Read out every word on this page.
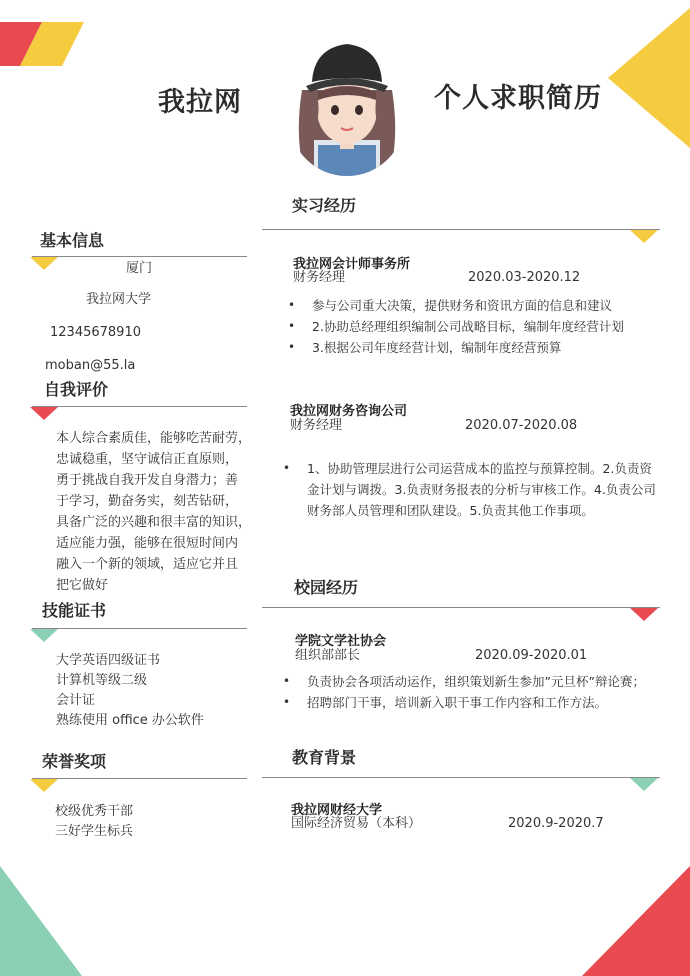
我拉网	个人求职简历
基本信息
厦门
我拉网大学
12345678910
moban@55.la
自我评价
本人综合素质佳，能够吃苦耐劳，
忠诚稳重，坚守诚信正直原则，
勇于挑战自我开发自身潜力；善
于学习，勤奋务实，刻苦钻研，
具备广泛的兴趣和很丰富的知识，
适应能力强，能够在很短时间内
融入一个新的领域，适应它并且
把它做好
技能证书
大学英语四级证书
计算机等级二级
会计证
熟练使用 office 办公软件
荣誉奖项
校级优秀干部
三好学生标兵
实习经历
我拉网会计师事务所
财务经理	2020.03-2020.12
• 参与公司重大决策，提供财务和资讯方面的信息和建议
• 2.协助总经理组织编制公司战略目标，编制年度经营计划
• 3.根据公司年度经营计划，编制年度经营预算
我拉网财务咨询公司
财务经理	2020.07-2020.08
• 1、协助管理层进行公司运营成本的监控与预算控制。2.负责资
金计划与调拨。3.负责财务报表的分析与审核工作。4.负责公司
财务部人员管理和团队建设。5.负责其他工作事项。
校园经历
学院文学社协会
组织部部长	2020.09-2020.01
• 负责协会各项活动运作，组织策划新生参加”元旦杯”辩论赛；
• 招聘部门干事，培训新入职干事工作内容和工作方法。
教育背景
我拉网财经大学
国际经济贸易（本科）	2020.9-2020.7
